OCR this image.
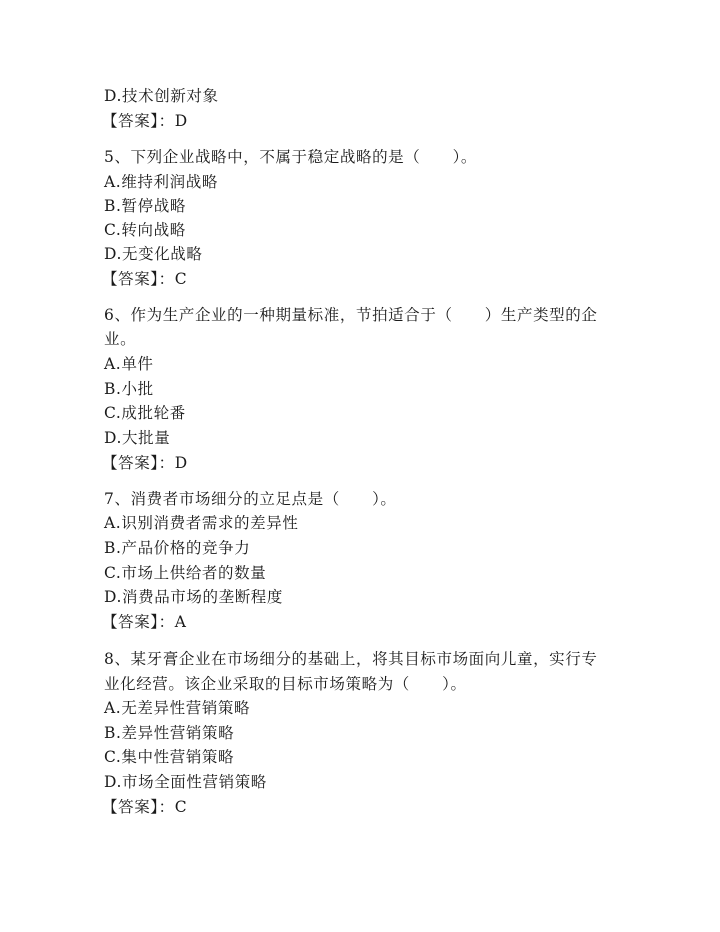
D.技术创新对象
【答案】：D
5、下列企业战略中，不属于稳定战略的是（　　）。
A.维持利润战略
B.暂停战略
C.转向战略
D.无变化战略
【答案】：C
6、作为生产企业的一种期量标准，节拍适合于（　　）生产类型的企
业。
A.单件
B.小批
C.成批轮番
D.大批量
【答案】：D
7、消费者市场细分的立足点是（　　）。
A.识别消费者需求的差异性
B.产品价格的竞争力
C.市场上供给者的数量
D.消费品市场的垄断程度
【答案】：A
8、某牙膏企业在市场细分的基础上，将其目标市场面向儿童，实行专
业化经营。该企业采取的目标市场策略为（　　）。
A.无差异性营销策略
B.差异性营销策略
C.集中性营销策略
D.市场全面性营销策略
【答案】：C
